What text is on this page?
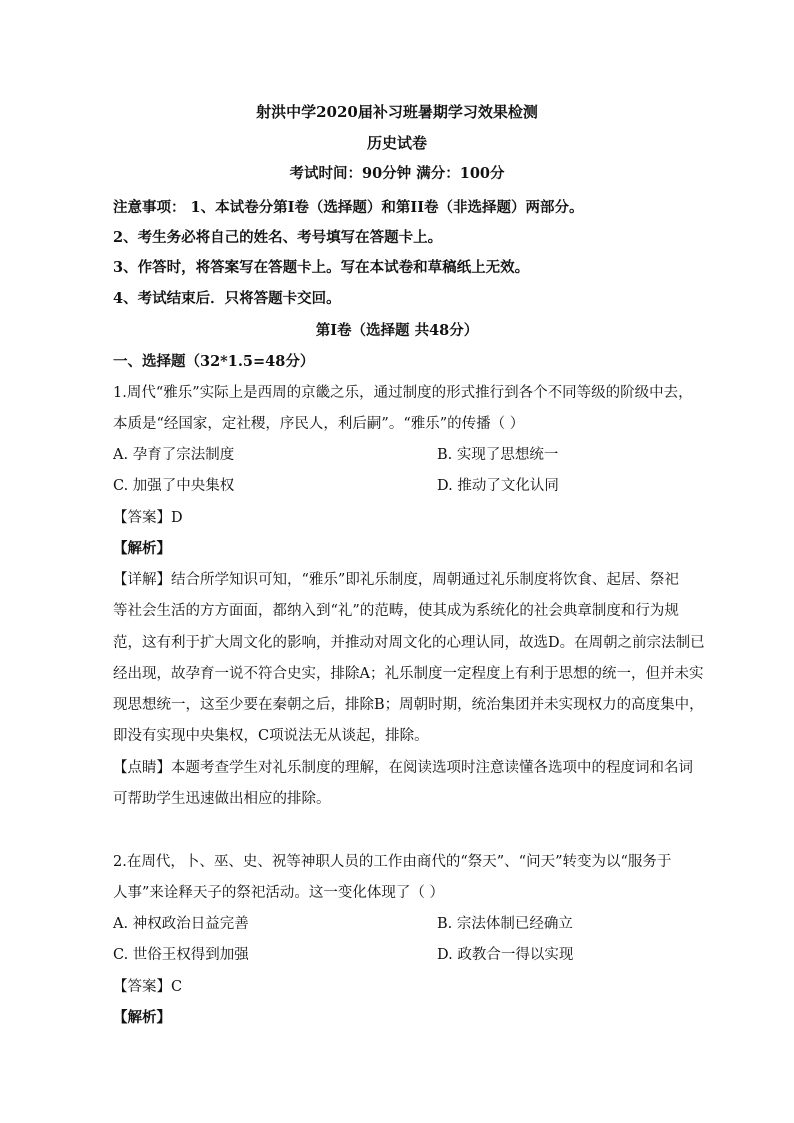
射洪中学2020届补习班暑期学习效果检测
历史试卷
考试时间：90分钟 满分：100分
注意事项： 1、本试卷分第I卷（选择题）和第II卷（非选择题）两部分。
2、考生务必将自己的姓名、考号填写在答题卡上。
3、作答时，将答案写在答题卡上。写在本试卷和草稿纸上无效。
4、考试结束后．只将答题卡交回。
第I卷（选择题 共48分）
一、选择题（32*1.5=48分）
1.周代“雅乐”实际上是西周的京畿之乐，通过制度的形式推行到各个不同等级的阶级中去，
本质是“经国家，定社稷，序民人，利后嗣”。“雅乐”的传播（ ）
A. 孕育了宗法制度	B. 实现了思想统一
C. 加强了中央集权	D. 推动了文化认同
【答案】D
【解析】
【详解】结合所学知识可知，“雅乐”即礼乐制度，周朝通过礼乐制度将饮食、起居、祭祀
等社会生活的方方面面，都纳入到“礼”的范畴，使其成为系统化的社会典章制度和行为规
范，这有利于扩大周文化的影响，并推动对周文化的心理认同，故选D。在周朝之前宗法制已
经出现，故孕育一说不符合史实，排除A；礼乐制度一定程度上有利于思想的统一，但并未实
现思想统一，这至少要在秦朝之后，排除B；周朝时期，统治集团并未实现权力的高度集中，
即没有实现中央集权，C项说法无从谈起，排除。
【点睛】本题考查学生对礼乐制度的理解，在阅读选项时注意读懂各选项中的程度词和名词
可帮助学生迅速做出相应的排除。
2.在周代，卜、巫、史、祝等神职人员的工作由商代的“祭天”、“问天”转变为以“服务于
人事”来诠释天子的祭祀活动。这一变化体现了（ ）
A. 神权政治日益完善	B. 宗法体制已经确立
C. 世俗王权得到加强	D. 政教合一得以实现
【答案】C
【解析】
